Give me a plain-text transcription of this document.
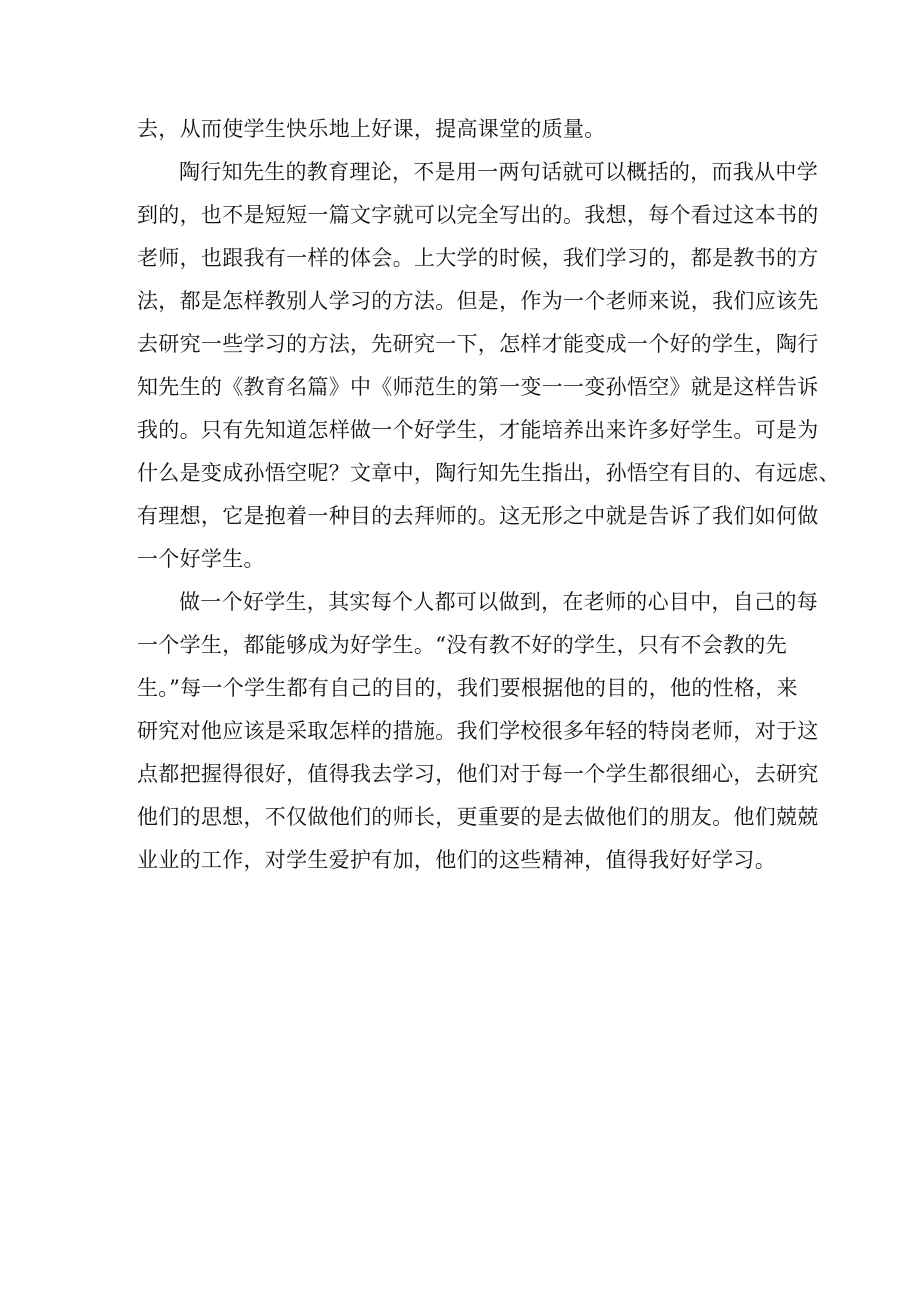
去，从而使学生快乐地上好课，提高课堂的质量。
陶行知先生的教育理论，不是用一两句话就可以概括的，而我从中学
到的，也不是短短一篇文字就可以完全写出的。我想，每个看过这本书的
老师，也跟我有一样的体会。上大学的时候，我们学习的，都是教书的方
法，都是怎样教别人学习的方法。但是，作为一个老师来说，我们应该先
去研究一些学习的方法，先研究一下，怎样才能变成一个好的学生，陶行
知先生的《教育名篇》中《师范生的第一变一一变孙悟空》就是这样告诉
我的。只有先知道怎样做一个好学生，才能培养出来许多好学生。可是为
什么是变成孙悟空呢？文章中，陶行知先生指出，孙悟空有目的、有远虑、
有理想，它是抱着一种目的去拜师的。这无形之中就是告诉了我们如何做
一个好学生。
做一个好学生，其实每个人都可以做到，在老师的心目中，自己的每
一个学生，都能够成为好学生。“没有教不好的学生，只有不会教的先
生。”每一个学生都有自己的目的，我们要根据他的目的，他的性格，来
研究对他应该是采取怎样的措施。我们学校很多年轻的特岗老师，对于这
点都把握得很好，值得我去学习，他们对于每一个学生都很细心，去研究
他们的思想，不仅做他们的师长，更重要的是去做他们的朋友。他们兢兢
业业的工作，对学生爱护有加，他们的这些精神，值得我好好学习。
